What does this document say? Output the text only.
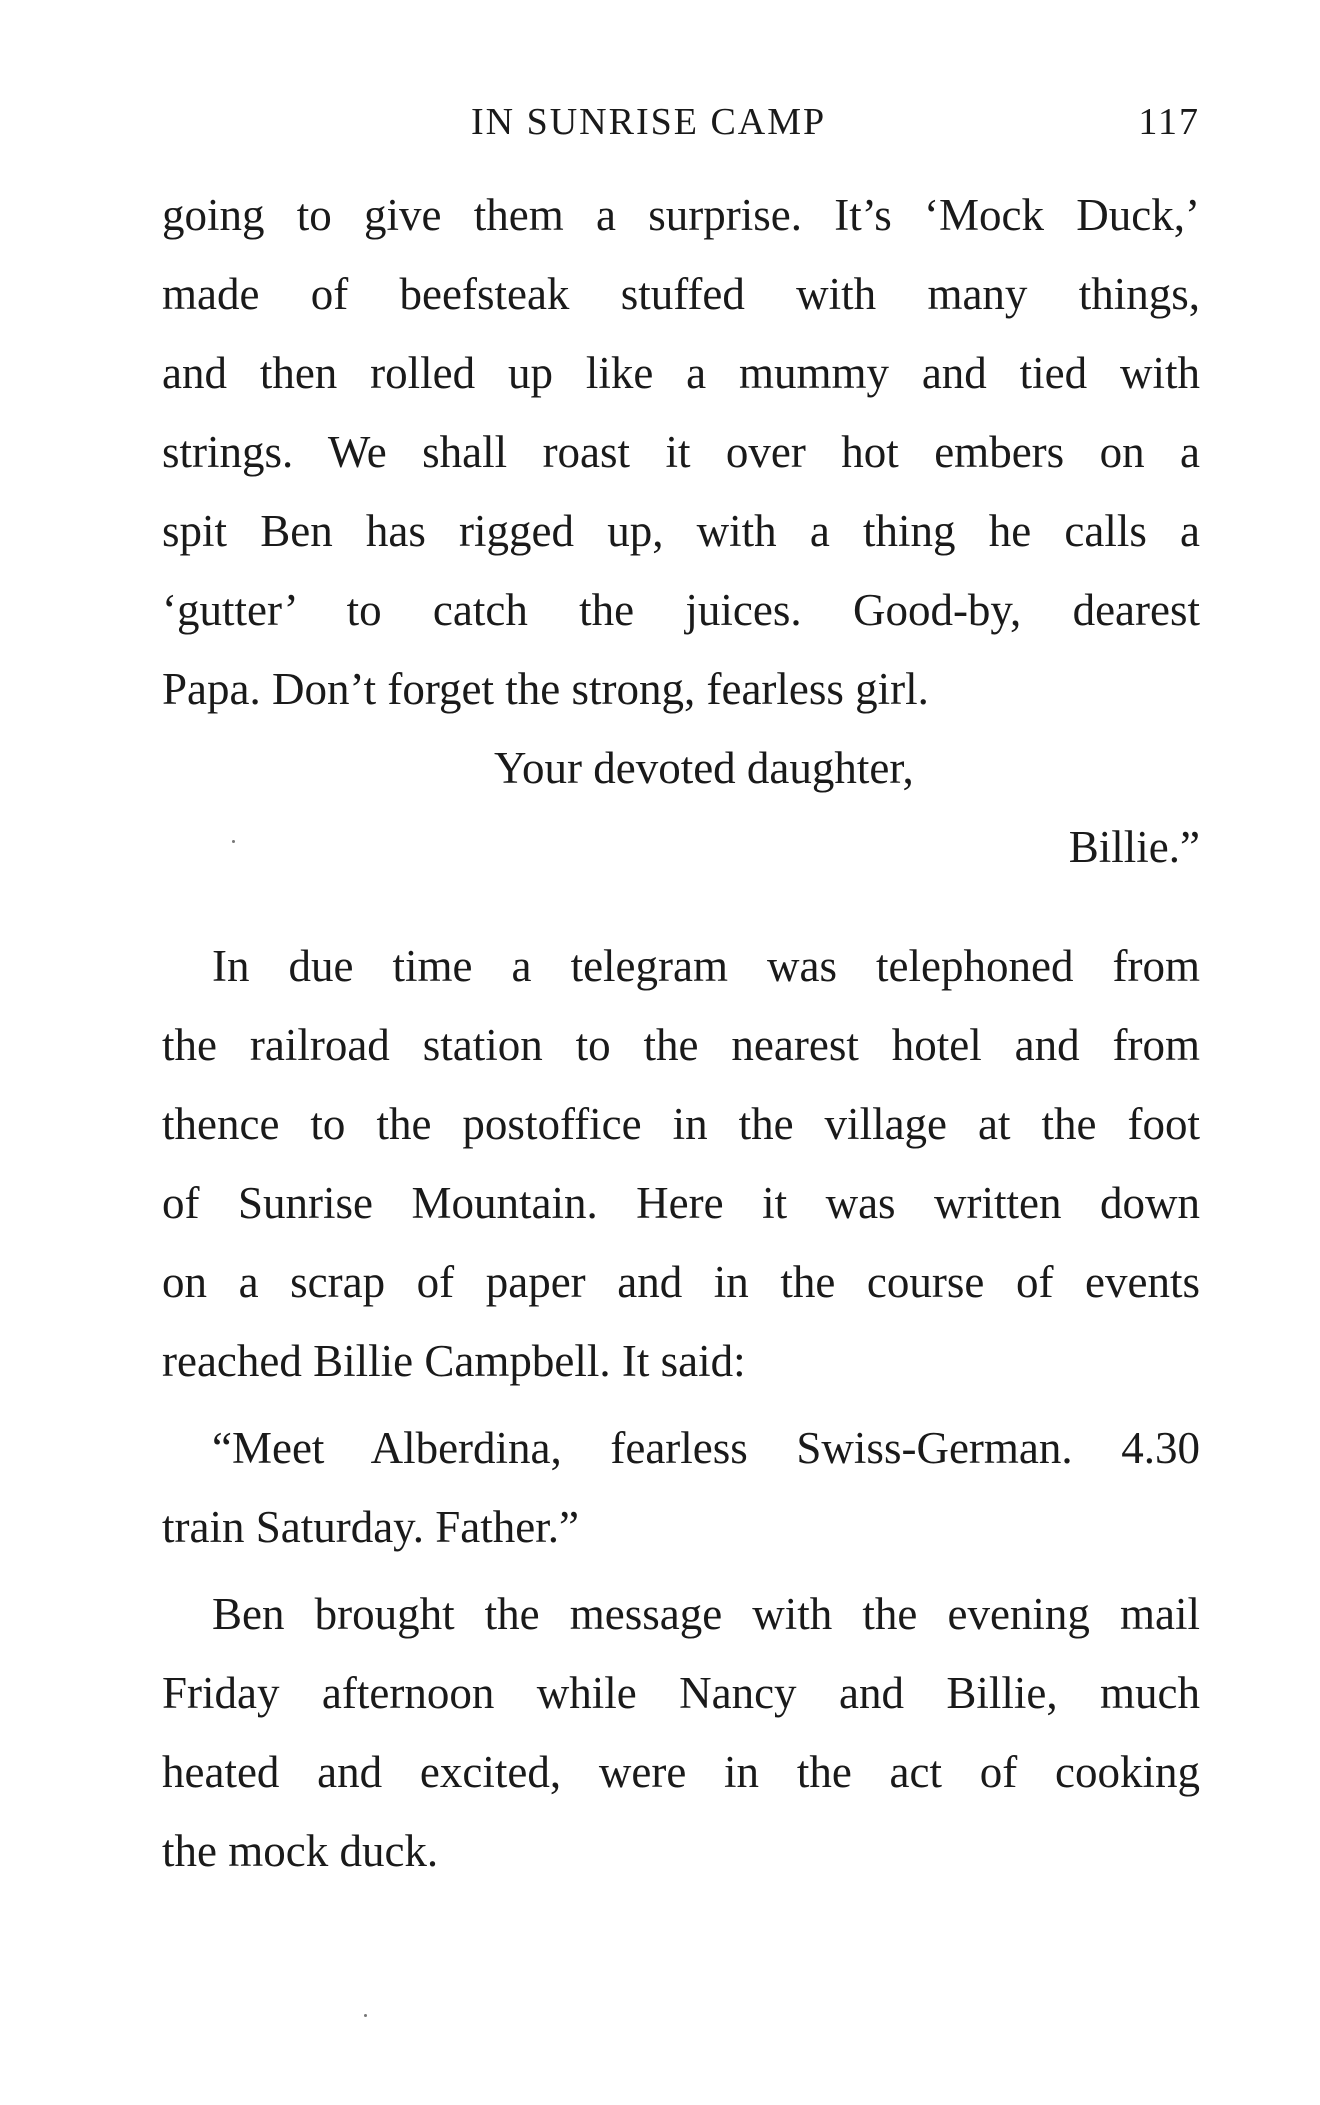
IN SUNRISE CAMP	117
going to give them a surprise. It’s ‘Mock Duck,’
made of beefsteak stuffed with many things,
and then rolled up like a mummy and tied with
strings. We shall roast it over hot embers on a
spit Ben has rigged up, with a thing he calls a
‘gutter’ to catch the juices. Good-by, dearest
Papa. Don’t forget the strong, fearless girl.
Your devoted daughter,
Billie.”
In due time a telegram was telephoned from
the railroad station to the nearest hotel and from
thence to the postoffice in the village at the foot
of Sunrise Mountain. Here it was written down
on a scrap of paper and in the course of events
reached Billie Campbell. It said:
“Meet Alberdina, fearless Swiss-German. 4.30
train Saturday. Father.”
Ben brought the message with the evening mail
Friday afternoon while Nancy and Billie, much
heated and excited, were in the act of cooking
the mock duck.
